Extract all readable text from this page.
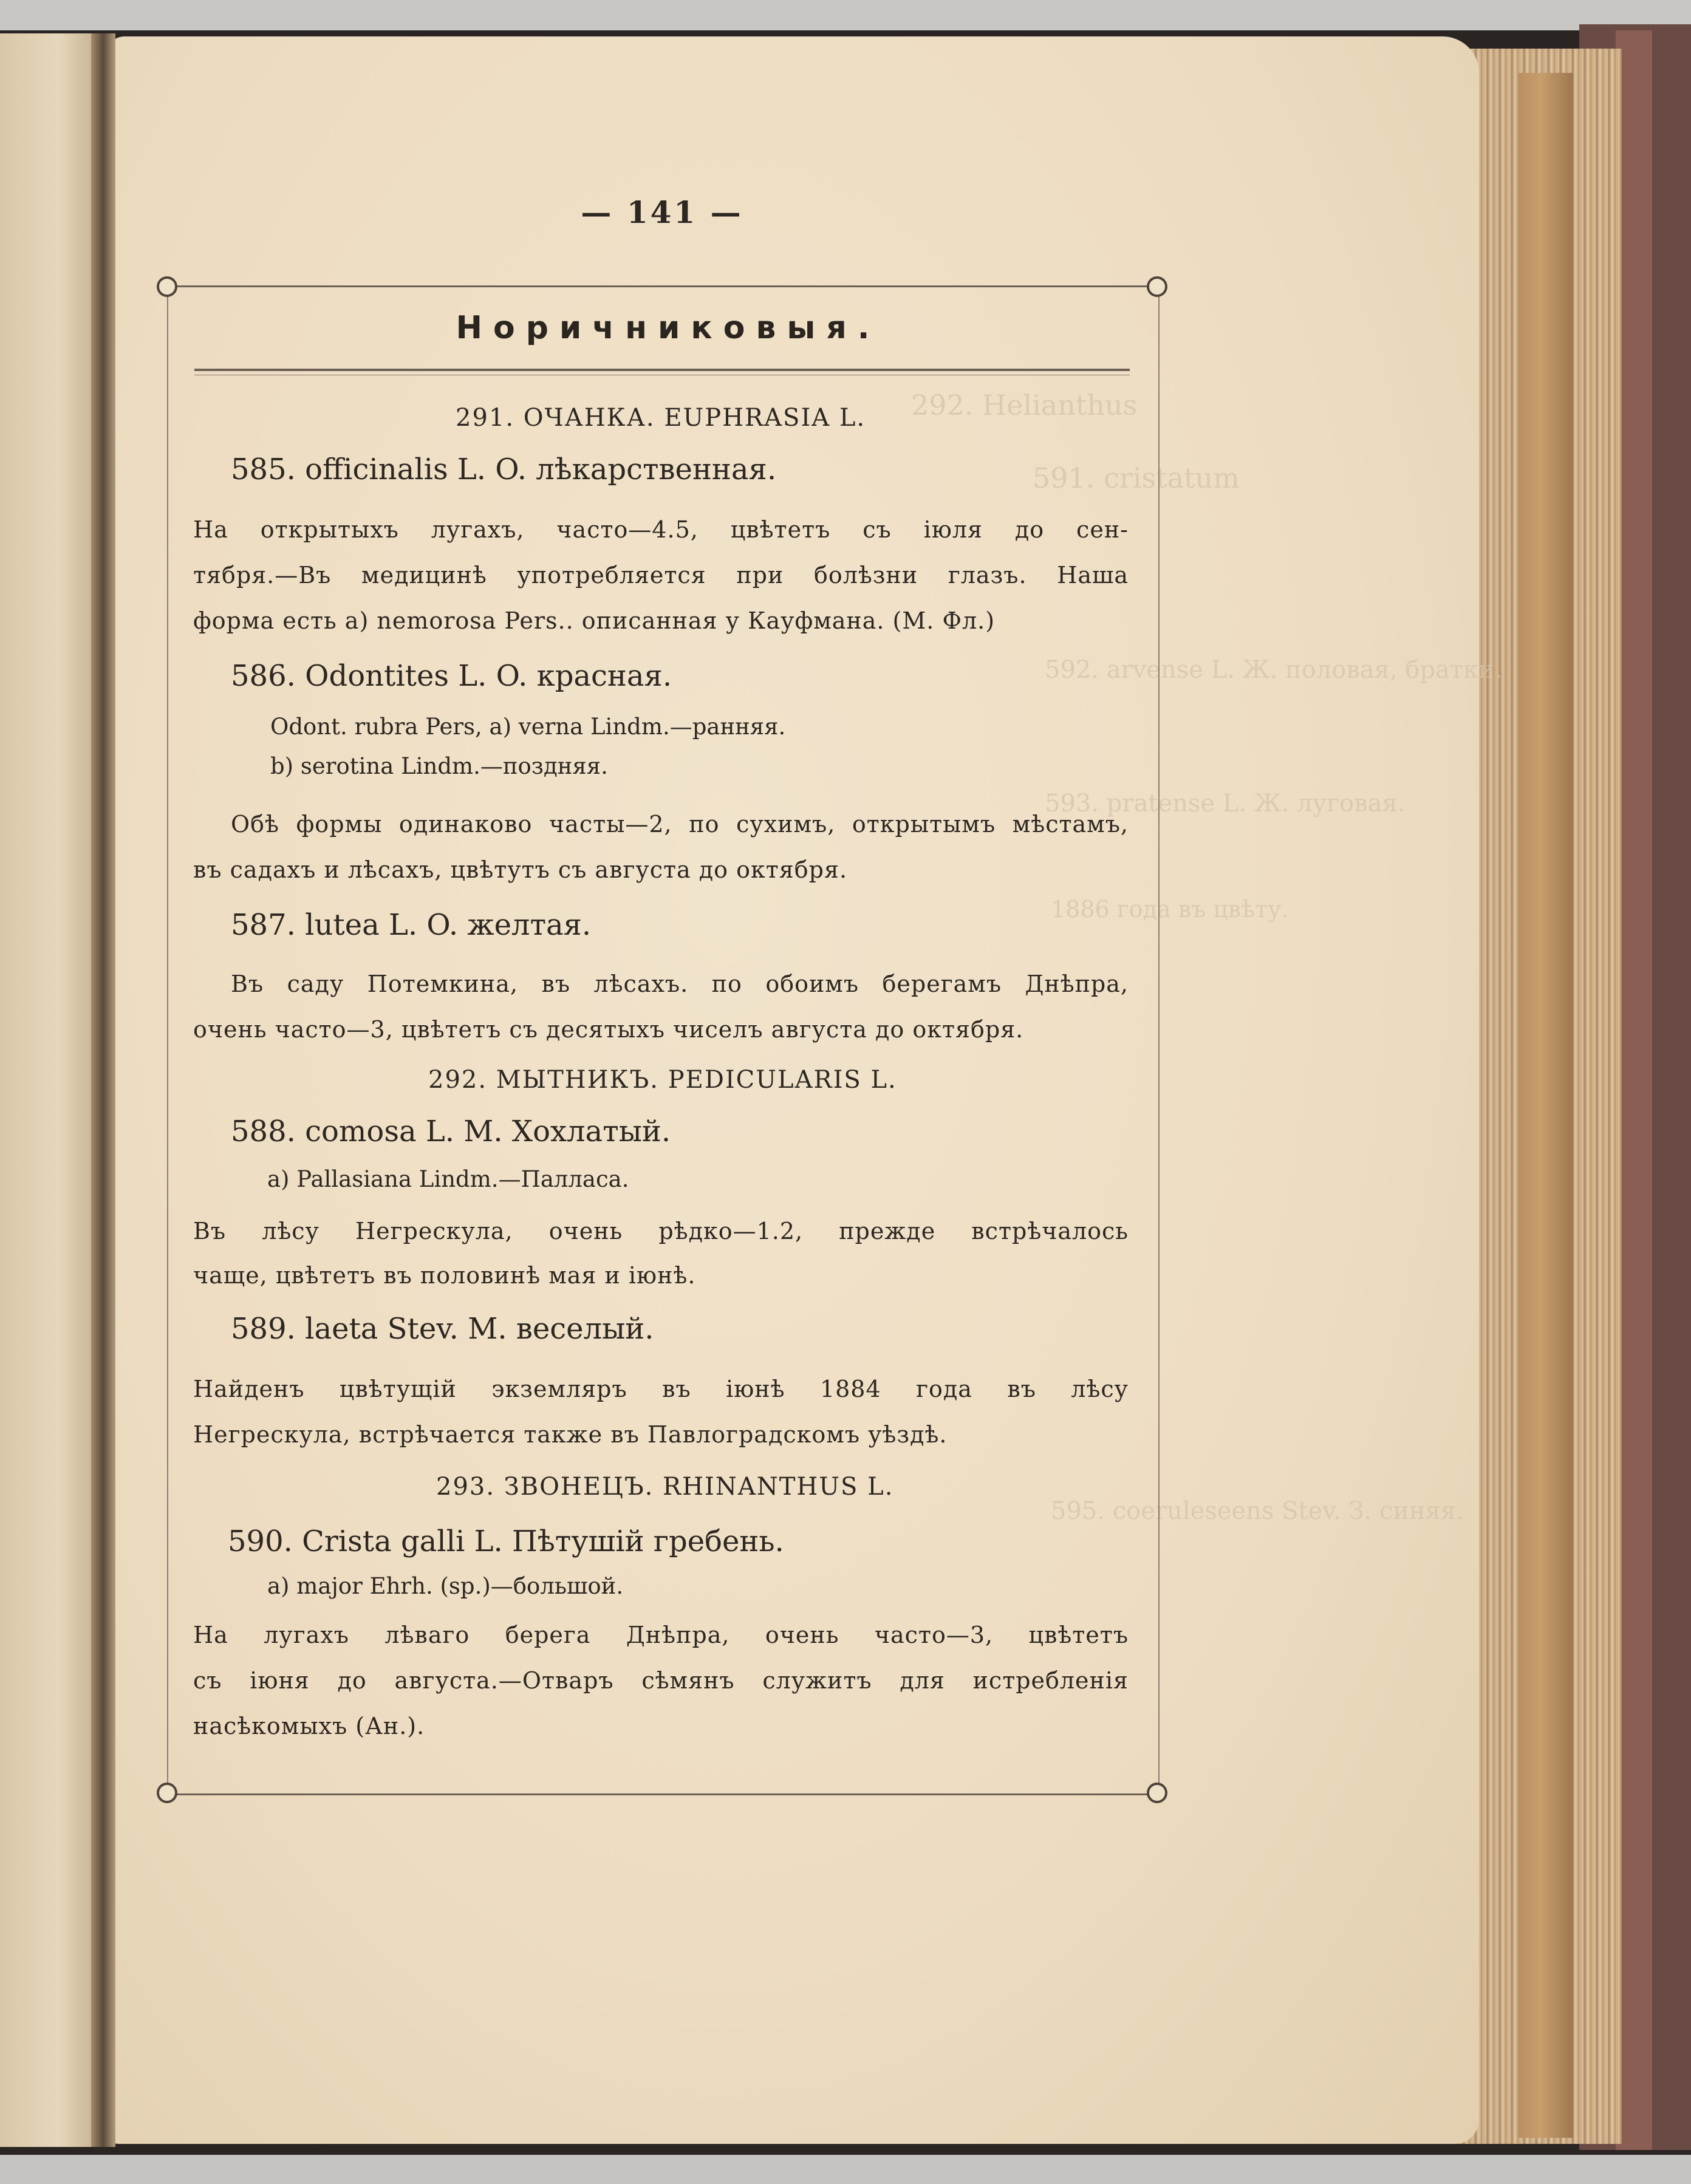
292. Helianthus
591. cristatum
592. arvense L. Ж. половая, братки.
593. pratense L. Ж. луговая.
1886 года въ цвѣту.
595. coeruleseens Stev. З. синяя.
— 141 —
Норичниковыя.
291. ОЧАНКА. EUPHRASIA L.
585. officinalis L. O. лѣкарственная.
На открытыхъ лугахъ, часто—4.5, цвѣтетъ съ іюля до сен-
тября.—Въ медицинѣ употребляется при болѣзни глазъ. Наша
форма есть a) nemorosa Pers.. описанная у Кауфмана. (М. Фл.)
586. Odontites L. O. красная.
Odont. rubra Pers, a) verna Lindm.—ранняя.
b) serotina Lindm.—поздняя.
Обѣ формы одинаково часты—2, по сухимъ, открытымъ мѣстамъ,
въ садахъ и лѣсахъ, цвѣтутъ съ августа до октября.
587. lutea L. O. желтая.
Въ саду Потемкина, въ лѣсахъ. по обоимъ берегамъ Днѣпра,
очень часто—3, цвѣтетъ съ десятыхъ чиселъ августа до октября.
292. МЫТНИКЪ. PEDICULARIS L.
588. comosa L. M. Хохлатый.
a) Pallasiana Lindm.—Палласа.
Въ лѣсу Негрескула, очень рѣдко—1.2, прежде встрѣчалось
чаще, цвѣтетъ въ половинѣ мая и іюнѣ.
589. laeta Stev. M. веселый.
Найденъ цвѣтущій экземляръ въ іюнѣ 1884 года въ лѣсу
Негрескула, встрѣчается также въ Павлоградскомъ уѣздѣ.
293. ЗВОНЕЦЪ. RHINANTHUS L.
590. Crista galli L. Пѣтушій гребень.
a) major Ehrh. (sp.)—большой.
На лугахъ лѣваго берега Днѣпра, очень часто—3, цвѣтетъ
съ іюня до августа.—Отваръ сѣмянъ служитъ для истребленія
насѣкомыхъ (Ан.).
